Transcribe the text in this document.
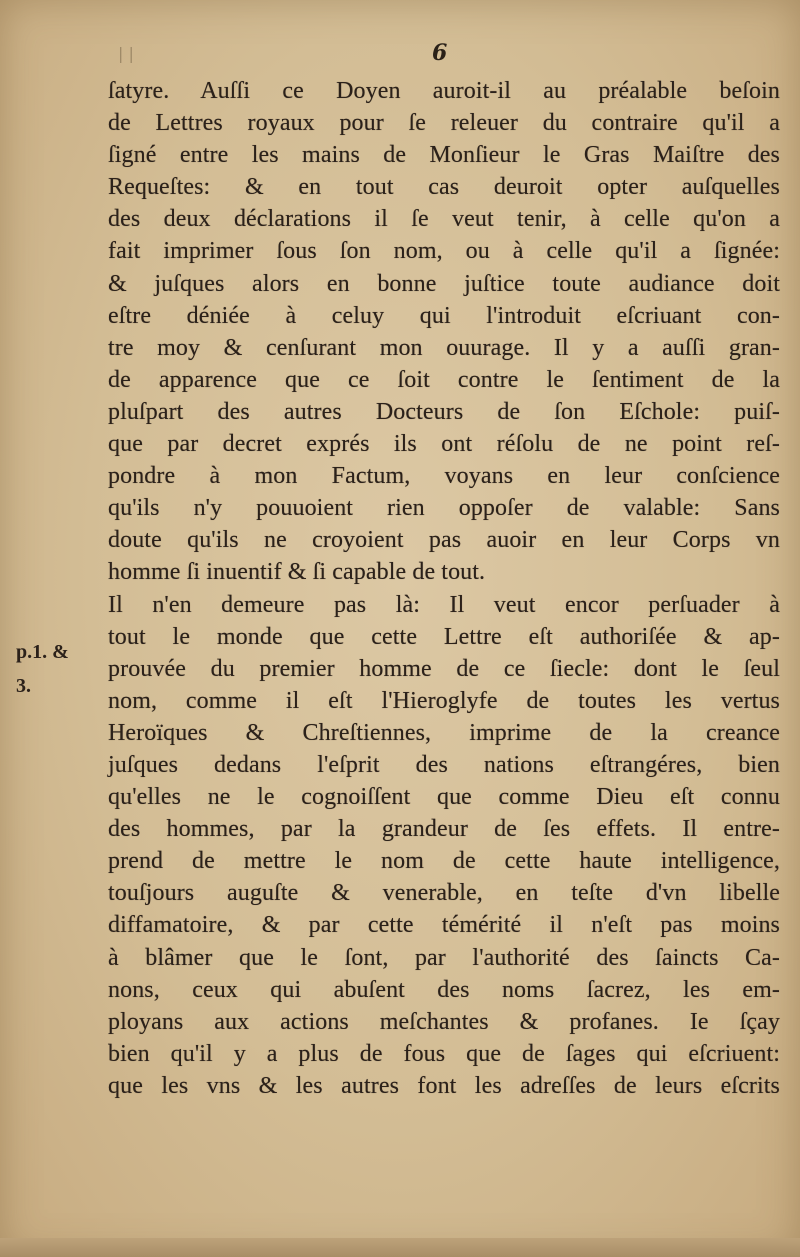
| |	6
p.1. &
3.
ſatyre. Auſſi ce Doyen auroit-il au préalable beſoin
de Lettres royaux pour ſe releuer du contraire qu'il a
ſigné entre les mains de Monſieur le Gras Maiſtre des
Requeſtes: & en tout cas deuroit opter auſquelles
des deux déclarations il ſe veut tenir, à celle qu'on a
fait imprimer ſous ſon nom, ou à celle qu'il a ſignée:
& juſques alors en bonne juſtice toute audiance doit
eſtre déniée à celuy qui l'introduit eſcriuant con-
tre moy & cenſurant mon ouurage. Il y a auſſi gran-
de apparence que ce ſoit contre le ſentiment de la
pluſpart des autres Docteurs de ſon Eſchole: puiſ-
que par decret exprés ils ont réſolu de ne point reſ-
pondre à mon Factum, voyans en leur conſcience
qu'ils n'y pouuoient rien oppoſer de valable: Sans
doute qu'ils ne croyoient pas auoir en leur Corps vn
homme ſi inuentif & ſi capable de tout.
Il n'en demeure pas là: Il veut encor perſuader à
tout le monde que cette Lettre eſt authoriſée & ap-
prouvée du premier homme de ce ſiecle: dont le ſeul
nom, comme il eſt l'Hieroglyfe de toutes les vertus
Heroïques & Chreſtiennes, imprime de la creance
juſques dedans l'eſprit des nations eſtrangéres, bien
qu'elles ne le cognoiſſent que comme Dieu eſt connu
des hommes, par la grandeur de ſes effets. Il entre-
prend de mettre le nom de cette haute intelligence,
touſjours auguſte & venerable, en teſte d'vn libelle
diffamatoire, & par cette témérité il n'eſt pas moins
à blâmer que le ſont, par l'authorité des ſaincts Ca-
nons, ceux qui abuſent des noms ſacrez, les em-
ployans aux actions meſchantes & profanes. Ie ſçay
bien qu'il y a plus de fous que de ſages qui eſcriuent:
que les vns & les autres font les adreſſes de leurs eſcrits
